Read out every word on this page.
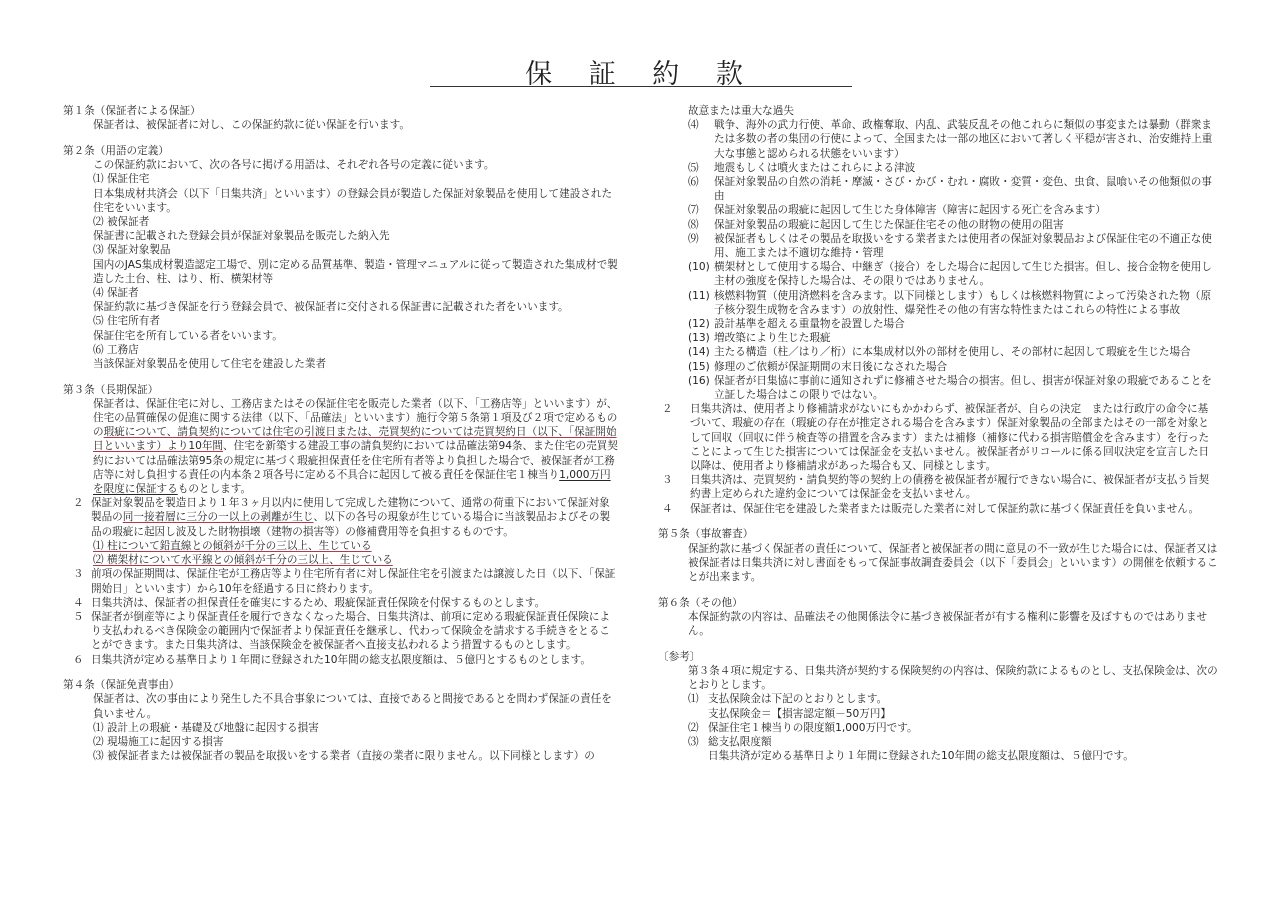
保 証 約 款
第１条（保証者による保証）
保証者は、被保証者に対し、この保証約款に従い保証を行います。
第２条（用語の定義）
この保証約款において、次の各号に掲げる用語は、それぞれ各号の定義に従います。
⑴ 保証住宅
日本集成材共済会（以下「日集共済」といいます）の登録会員が製造した保証対象製品を使用して建設された住宅をいいます。
⑵ 被保証者
保証書に記載された登録会員が保証対象製品を販売した納入先
⑶ 保証対象製品
国内のJAS集成材製造認定工場で、別に定める品質基準、製造・管理マニュアルに従って製造された集成材で製造した土台、柱、はり、桁、横架材等
⑷ 保証者
保証約款に基づき保証を行う登録会員で、被保証者に交付される保証書に記載された者をいいます。
⑸ 住宅所有者
保証住宅を所有している者をいいます。
⑹ 工務店
当該保証対象製品を使用して住宅を建設した業者
第３条（長期保証）
保証者は、保証住宅に対し、工務店またはその保証住宅を販売した業者（以下、「工務店等」といいます）が、住宅の品質確保の促進に関する法律（以下、「品確法」といいます）施行令第５条第１項及び２項で定めるものの瑕疵について、請負契約については住宅の引渡日または、売買契約については売買契約日（以下、「保証開始日といいます）より10年間、住宅を新築する建設工事の請負契約においては品確法第94条、また住宅の売買契約においては品確法第95条の規定に基づく瑕疵担保責任を住宅所有者等より負担した場合で、被保証者が工務店等に対し負担する責任の内本条２項各号に定める不具合に起因して被る責任を保証住宅１棟当り1,000万円を限度に保証するものとします。
２ 保証対象製品を製造日より１年３ヶ月以内に使用して完成した建物について、通常の荷重下において保証対象製品の同一接着層に三分の一以上の剥離が生じ、以下の各号の現象が生じている場合に当該製品およびその製品の瑕疵に起因し波及した財物損壊（建物の損害等）の修補費用等を負担するものです。
⑴ 柱について鉛直線との傾斜が千分の三以上、生じている
⑵ 横架材について水平線との傾斜が千分の三以上、生じている
３ 前項の保証期間は、保証住宅が工務店等より住宅所有者に対し保証住宅を引渡または譲渡した日（以下、「保証開始日」といいます）から10年を経過する日に終わります。
４ 日集共済は、保証者の担保責任を確実にするため、瑕疵保証責任保険を付保するものとします。
５ 保証者が倒産等により保証責任を履行できなくなった場合、日集共済は、前項に定める瑕疵保証責任保険により支払われるべき保険金の範囲内で保証者より保証責任を継承し、代わって保険金を請求する手続きをとることができます。また日集共済は、当該保険金を被保証者へ直接支払われるよう措置するものとします。
６ 日集共済が定める基準日より１年間に登録された10年間の総支払限度額は、５億円とするものとします。
第４条（保証免責事由）
保証者は、次の事由により発生した不具合事象については、直接であると間接であるとを問わず保証の責任を負いません。
⑴ 設計上の瑕疵・基礎及び地盤に起因する損害
⑵ 現場施工に起因する損害
⑶ 被保証者または被保証者の製品を取扱いをする業者（直接の業者に限りません。以下同様とします）の
故意または重大な過失
⑷	戦争、海外の武力行使、革命、政権奪取、内乱、武装反乱その他これらに類似の事変または暴動（群衆または多数の者の集団の行使によって、全国または一部の地区において著しく平穏が害され、治安維持上重大な事態と認められる状態をいいます）
⑸	地震もしくは噴火またはこれらによる津波
⑹	保証対象製品の自然の消耗・摩滅・さび・かび・むれ・腐敗・変質・変色、虫食、鼠喰いその他類似の事由
⑺	保証対象製品の瑕疵に起因して生じた身体障害（障害に起因する死亡を含みます）
⑻	保証対象製品の瑕疵に起因して生じた保証住宅その他の財物の使用の阻害
⑼	被保証者もしくはその製品を取扱いをする業者または使用者の保証対象製品および保証住宅の不適正な使用、施工または不適切な維持・管理
(10) 横架材として使用する場合、中継ぎ（接合）をした場合に起因して生じた損害。但し、接合金物を使用し主材の強度を保持した場合は、その限りではありません。
(11) 核燃料物質（使用済燃料を含みます。以下同様とします）もしくは核燃料物質によって汚染された物（原子核分裂生成物を含みます）の放射性、爆発性その他の有害な特性またはこれらの特性による事故
(12) 設計基準を超える重量物を設置した場合
(13) 増改築により生じた瑕疵
(14) 主たる構造（柱／はり／桁）に本集成材以外の部材を使用し、その部材に起因して瑕疵を生じた場合
(15) 修理のご依頼が保証期間の末日後になされた場合
(16) 保証者が日集協に事前に通知されずに修補させた場合の損害。但し、損害が保証対象の瑕疵であることを立証した場合はこの限りではない。
２	日集共済は、使用者より修補請求がないにもかかわらず、被保証者が、自らの決定　または行政庁の命令に基づいて、瑕疵の存在（瑕疵の存在が推定される場合を含みます）保証対象製品の全部またはその一部を対象として回収（回収に伴う検査等の措置を含みます）または補修（補修に代わる損害賠償金を含みます）を行ったことによって生じた損害については保証金を支払いません。被保証者がリコールに係る回収決定を宣言した日以降は、使用者より修補請求があった場合も又、同様とします。
３	日集共済は、売買契約・請負契約等の契約上の債務を被保証者が履行できない場合に、被保証者が支払う旨契約書上定められた違約金については保証金を支払いません。
４	保証者は、保証住宅を建設した業者または販売した業者に対して保証約款に基づく保証責任を負いません。
第５条（事故審査）
保証約款に基づく保証者の責任について、保証者と被保証者の間に意見の不一致が生じた場合には、保証者又は被保証者は日集共済に対し書面をもって保証事故調査委員会（以下「委員会」といいます）の開催を依頼することが出来ます。
第６条（その他）
本保証約款の内容は、品確法その他関係法令に基づき被保証者が有する権利に影響を及ぼすものではありません。
〔参考〕
第３条４項に規定する、日集共済が契約する保険契約の内容は、保険約款によるものとし、支払保険金は、次のとおりとします。
⑴ 支払保険金は下記のとおりとします。
支払保険金＝【損害認定額－50万円】
⑵ 保証住宅１棟当りの限度額1,000万円です。
⑶ 総支払限度額
日集共済が定める基準日より１年間に登録された10年間の総支払限度額は、５億円です。
